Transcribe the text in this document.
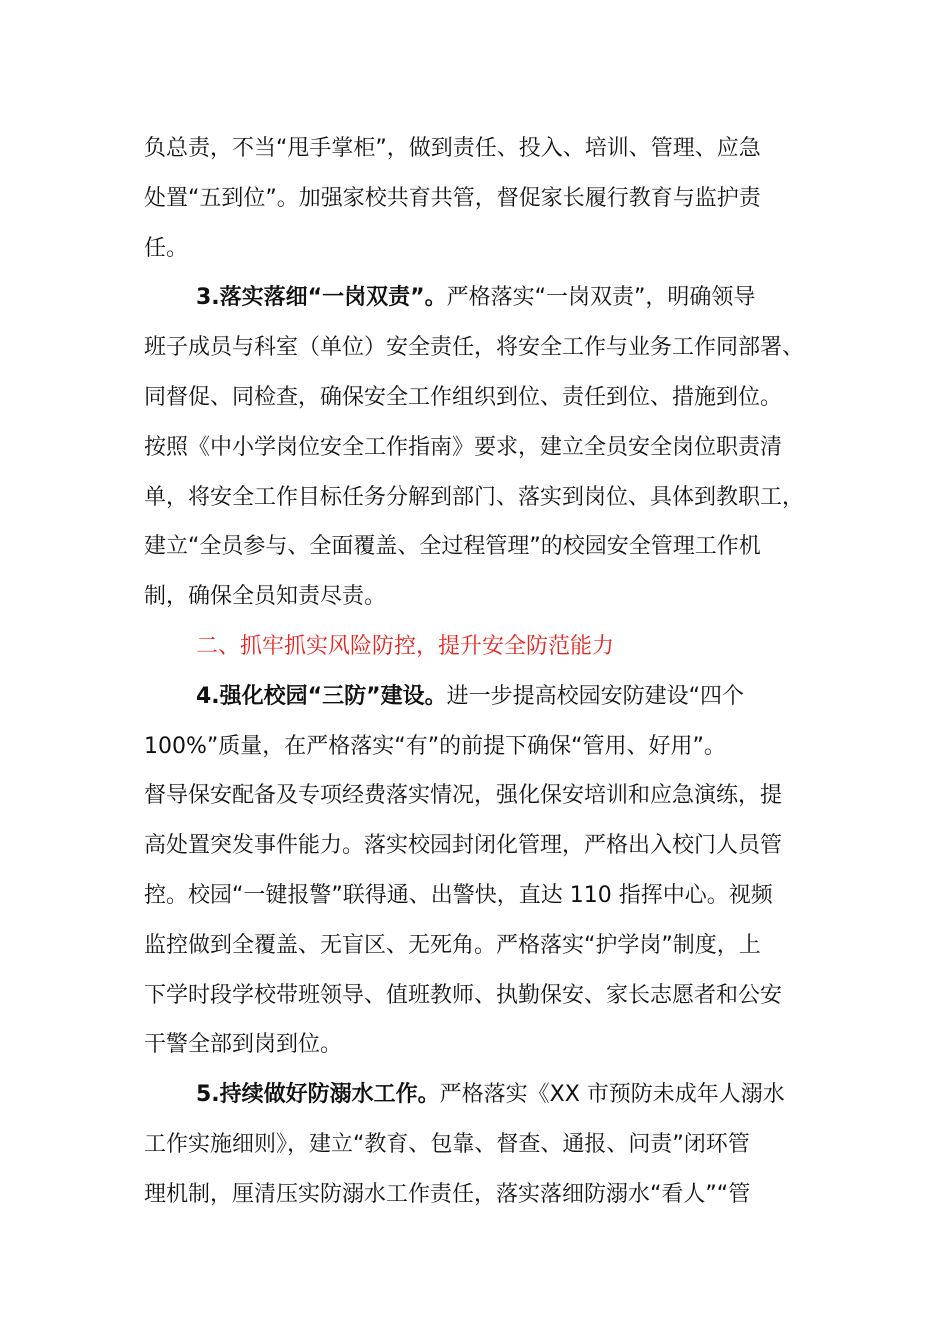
负总责，不当“甩手掌柜”，做到责任、投入、培训、管理、应急
处置“五到位”。加强家校共育共管，督促家长履行教育与监护责
任。
3.落实落细“一岗双责”。严格落实“一岗双责”，明确领导
班子成员与科室（单位）安全责任，将安全工作与业务工作同部署、
同督促、同检查，确保安全工作组织到位、责任到位、措施到位。
按照《中小学岗位安全工作指南》要求，建立全员安全岗位职责清
单，将安全工作目标任务分解到部门、落实到岗位、具体到教职工，
建立“全员参与、全面覆盖、全过程管理”的校园安全管理工作机
制，确保全员知责尽责。
二、抓牢抓实风险防控，提升安全防范能力
4.强化校园“三防”建设。进一步提高校园安防建设“四个
100%”质量，在严格落实“有”的前提下确保“管用、好用”。
督导保安配备及专项经费落实情况，强化保安培训和应急演练，提
高处置突发事件能力。落实校园封闭化管理，严格出入校门人员管
控。校园“一键报警”联得通、出警快，直达 110 指挥中心。视频
监控做到全覆盖、无盲区、无死角。严格落实“护学岗”制度，上
下学时段学校带班领导、值班教师、执勤保安、家长志愿者和公安
干警全部到岗到位。
5.持续做好防溺水工作。严格落实《XX 市预防未成年人溺水
工作实施细则》，建立“教育、包靠、督查、通报、问责”闭环管
理机制，厘清压实防溺水工作责任，落实落细防溺水“看人”“管
